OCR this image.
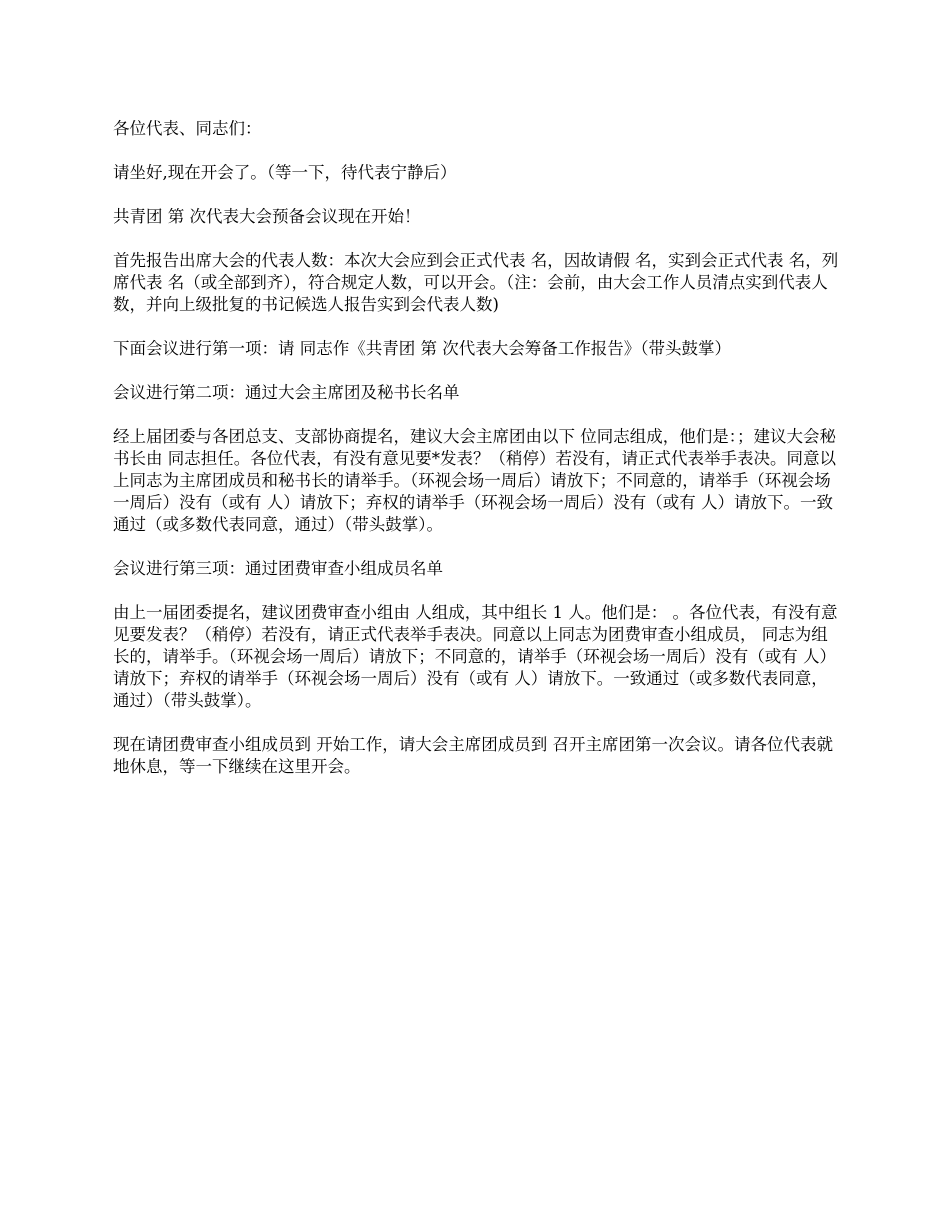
各位代表、同志们：

请坐好,现在开会了。（等一下，待代表宁静后）

共青团 第 次代表大会预备会议现在开始！

首先报告出席大会的代表人数：本次大会应到会正式代表 名，因故请假 名，实到会正式代表 名，列席代表 名（或全部到齐），符合规定人数，可以开会。（注：会前，由大会工作人员清点实到代表人数，并向上级批复的书记候选人报告实到会代表人数)

下面会议进行第一项：请 同志作《共青团 第 次代表大会筹备工作报告》（带头鼓掌）

会议进行第二项：通过大会主席团及秘书长名单

经上届团委与各团总支、支部协商提名，建议大会主席团由以下 位同志组成，他们是：；建议大会秘书长由 同志担任。各位代表，有没有意见要*发表？（稍停）若没有，请正式代表举手表决。同意以上同志为主席团成员和秘书长的请举手。（环视会场一周后）请放下；不同意的，请举手（环视会场一周后）没有（或有 人）请放下；弃权的请举手（环视会场一周后）没有（或有 人）请放下。一致通过（或多数代表同意，通过）（带头鼓掌）。

会议进行第三项：通过团费审查小组成员名单

由上一届团委提名，建议团费审查小组由 人组成，其中组长 1 人。他们是： 。各位代表，有没有意见要发表？（稍停）若没有，请正式代表举手表决。同意以上同志为团费审查小组成员， 同志为组长的，请举手。（环视会场一周后）请放下；不同意的，请举手（环视会场一周后）没有（或有 人）请放下；弃权的请举手（环视会场一周后）没有（或有 人）请放下。一致通过（或多数代表同意，通过）（带头鼓掌）。

现在请团费审查小组成员到 开始工作，请大会主席团成员到 召开主席团第一次会议。请各位代表就地休息，等一下继续在这里开会。
